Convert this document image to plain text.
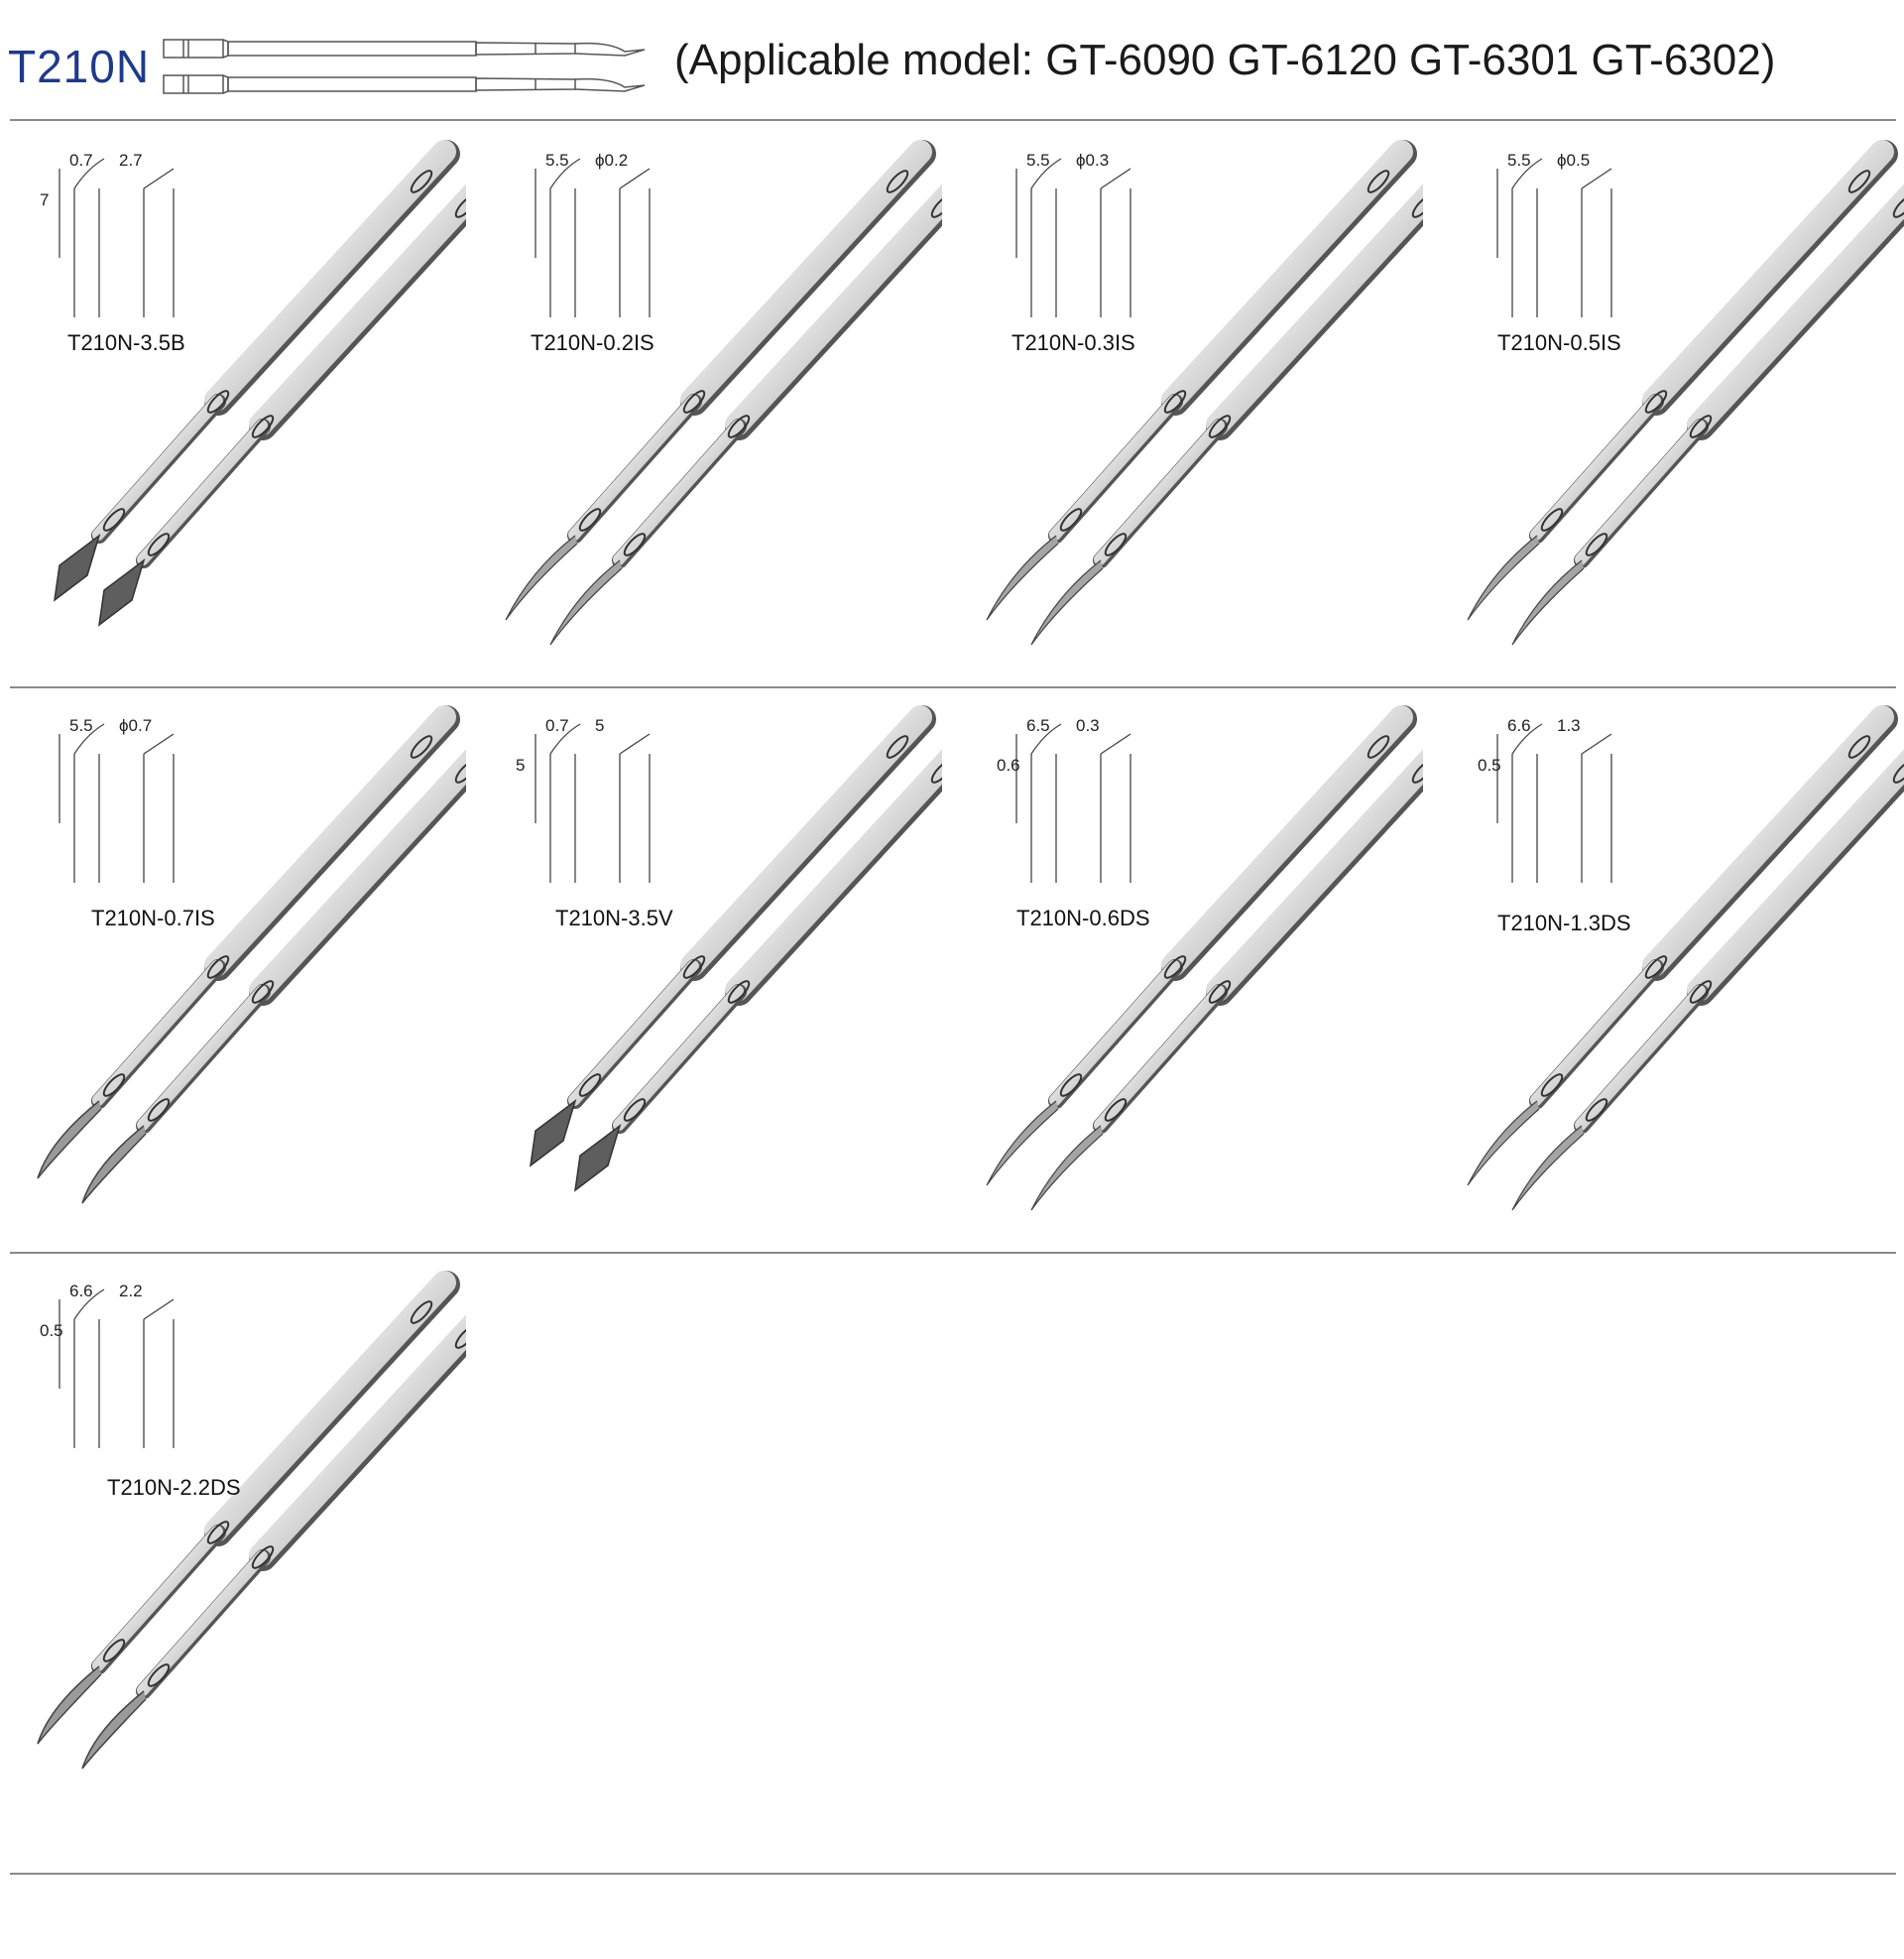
T210N	(Applicable model: GT-6090 GT-6120 GT-6301 GT-6302)
0.7 2.7
7
T210N-3.5B
5.5 ϕ0.2
T210N-0.2IS
5.5 ϕ0.3
T210N-0.3IS
5.5 ϕ0.5
T210N-0.5IS
5.5 ϕ0.7
T210N-0.7IS
0.7 5
5
T210N-3.5V
6.5 0.3
0.6
T210N-0.6DS
6.6 1.3
0.5
T210N-1.3DS
6.6 2.2
0.5
T210N-2.2DS
